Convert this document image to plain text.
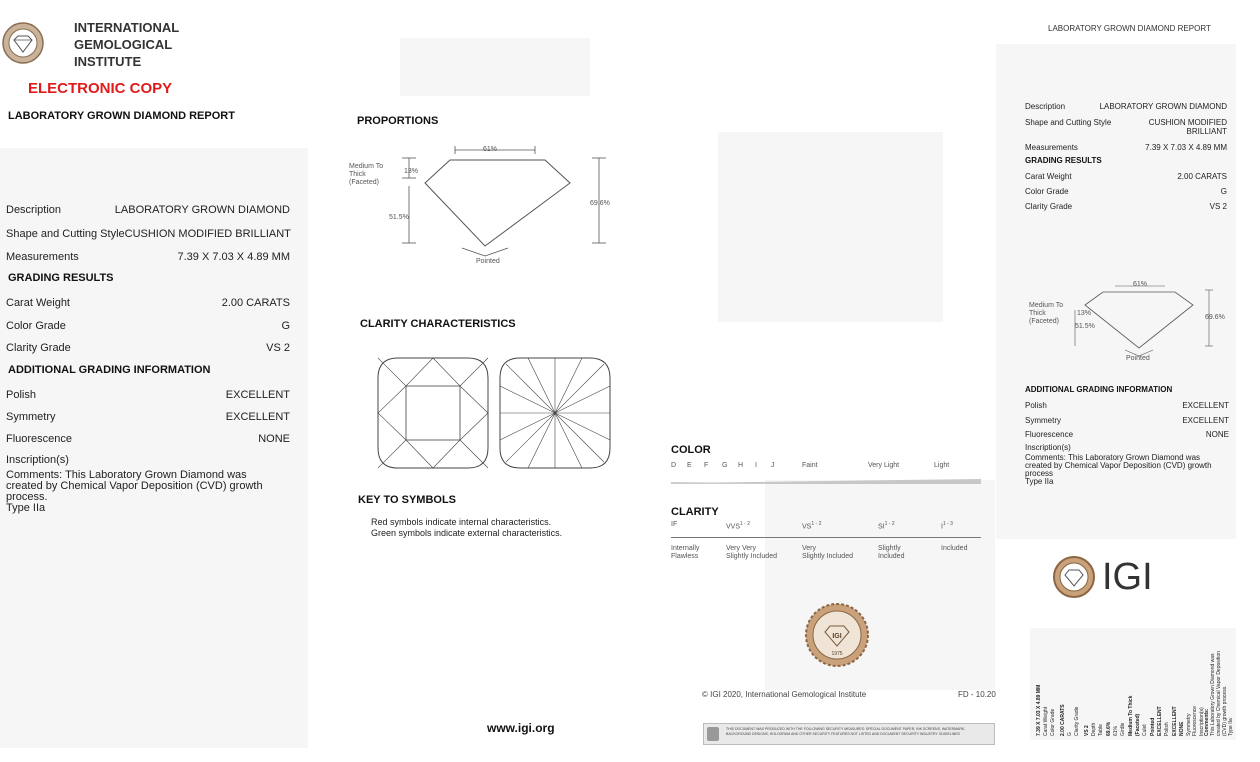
INTERNATIONAL
GEMOLOGICAL
INSTITUTE
ELECTRONIC COPY
LABORATORY GROWN DIAMOND REPORT
Description	LABORATORY GROWN DIAMOND
Shape and Cutting Style CUSHION MODIFIED BRILLIANT
Measurements	7.39 X 7.03 X 4.89 MM
GRADING RESULTS
Carat Weight	2.00 CARATS
Color Grade	G
Clarity Grade	VS 2
ADDITIONAL GRADING INFORMATION
Polish	EXCELLENT
Symmetry	EXCELLENT
Fluorescence	NONE
Inscription(s)
Comments: This Laboratory Grown Diamond was
created by Chemical Vapor Deposition (CVD) growth
process.
Type IIa
PROPORTIONS
61%
13%
51.5%
69.6%
Medium To
Thick
(Faceted)
Pointed
CLARITY CHARACTERISTICS
KEY TO SYMBOLS
Red symbols indicate internal characteristics.
Green symbols indicate external characteristics.
www.igi.org
COLOR
D E F G H I J	Faint	Very Light	Light
CLARITY
IF	VVS$^{1 - 2}$	VS$^{1 - 2}$	SI$^{1 - 2}$	$I^{1 - 3}$
Internally
Flawless
Very Very
Slightly Included
Very
Slightly Included
Slightly
Included
Included
1975
IGI
© IGI 2020, International Gemological Institute	FD - 10.20
THIS DOCUMENT WAS PRODUCED WITH THE FOLLOWING SECURITY MEASURES: SPECIAL DOCUMENT PAPER, INK SCREENS, WATERMARK,
BACKGROUND DESIGNS, HOLOGRAM AND OTHER SECURITY FEATURES NOT LISTED AND DOCUMENT SECURITY INDUSTRY GUIDELINES
LABORATORY GROWN DIAMOND REPORT
Description	LABORATORY GROWN DIAMOND
Shape and Cutting Style	CUSHION MODIFIED
BRILLIANT
Measurements	7.39 X 7.03 X 4.89 MM
GRADING RESULTS
Carat Weight	2.00 CARATS
Color Grade	G
Clarity Grade	VS 2
61%
13%
51.5%
69.6%
Medium To
Thick
(Faceted)
Pointed
ADDITIONAL GRADING INFORMATION
Polish	EXCELLENT
Symmetry	EXCELLENT
Fluorescence	NONE
Inscription(s)
Comments: This Laboratory Grown Diamond was
created by Chemical Vapor Deposition (CVD) growth
process
Type IIa
IGI
7.39 X 7.03 X 4.89 MM Carat Weight Color Grade 2.00 CARATS G Clarity Grade VS 2 Depth Table 69.6% 61% Girdle Medium To Thick (Faceted) Culet Pointed EXCELLENT Polish EXCELLENT NONE Symmetry Fluorescence Inscription(s) Comments: This Laboratory Grown Diamond was created by Chemical Vapor Deposition (CVD) growth process. Type IIa
